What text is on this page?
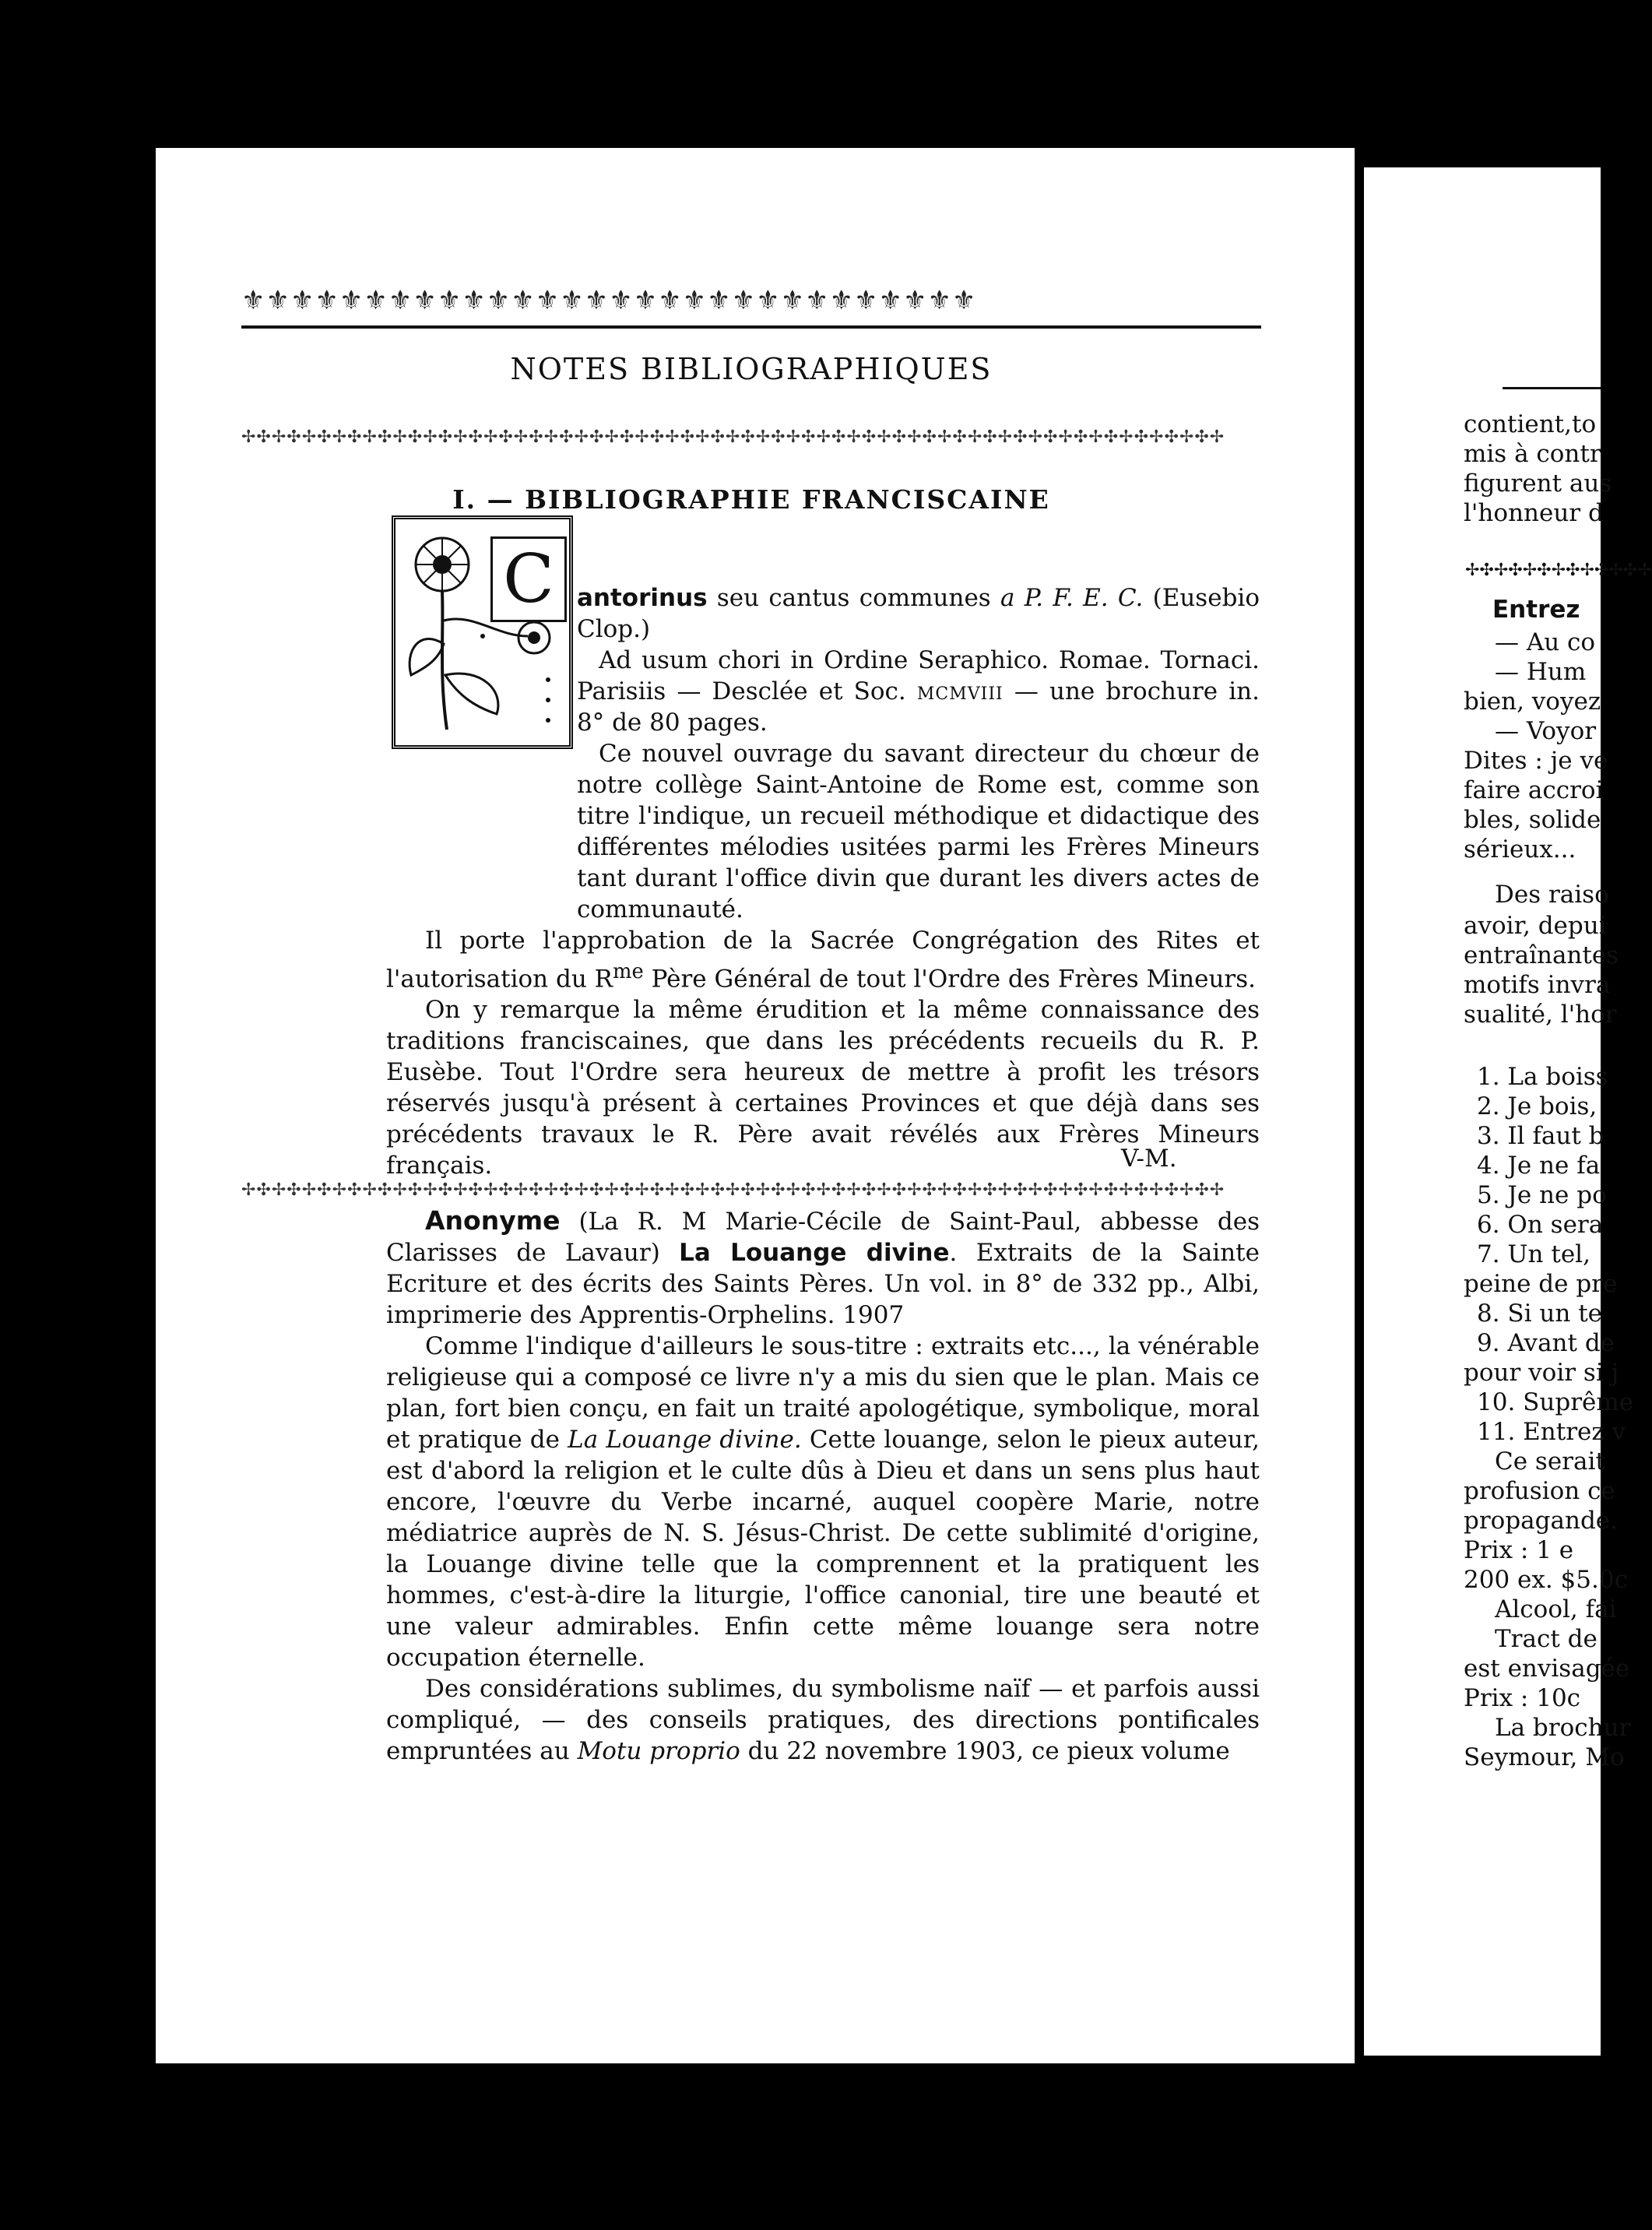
✢✣✢✣✢✣✢✣✢✣✢✣✢
contient,to
mis à contr
figurent aus
l'honneur d
Entrez
— Au co
— Hum
bien, voyez
— Voyor
Dites : je ve
faire accroi
bles, solide
sérieux...
Des raiso
avoir, depui
entraînantes
motifs invra
sualité, l'hor
1. La boiss
2. Je bois,
3. Il faut b
4. Je ne fa
5. Je ne po
6. On sera
7. Un tel,
peine de pre
8. Si un te
9. Avant de
pour voir si j
10. Suprême
11. Entrez v
Ce serait
profusion ce
propagande.
Prix : 1 e
200 ex. $5.0c
Alcool, fai
Tract de
est envisagée
Prix : 10c
La brochur
Seymour, Mo
⚜⚜⚜⚜⚜⚜⚜⚜⚜⚜⚜⚜⚜⚜⚜⚜⚜⚜⚜⚜⚜⚜⚜⚜⚜⚜⚜⚜⚜⚜
NOTES BIBLIOGRAPHIQUES
✢✣✢✣✢✣✢✣✢✣✢✣✢✣✢✣✢✣✢✣✢✣✢✣✢✣✢✣✢✣✢✣✢✣✢✣✢✣✢✣✢✣✢✣✢✣✢✣✢✣✢✣✢✣✢✣✢✣✢✣✢✣✢✣✢
I. — BIBLIOGRAPHIE FRANCISCAINE
C antorinus seu cantus communes a P. F. E. C. (Eusebio Clop.)

Ad usum chori in Ordine Seraphico. Romae. Tornaci. Parisiis — Desclée et Soc. mcmviii — une brochure in. 8° de 80 pages.

Ce nouvel ouvrage du savant directeur du chœur de notre collège Saint-Antoine de Rome est, comme son titre l'indique, un recueil méthodique et didactique des différentes mélodies usitées parmi les Frères Mineurs tant durant l'office divin que durant les divers actes de communauté.

Il porte l'approbation de la Sacrée Congrégation des Rites et l'autorisation du $R^{me}$ Père Général de tout l'Ordre des Frères Mineurs.

On y remarque la même érudition et la même connaissance des traditions franciscaines, que dans les précédents recueils du R. P. Eusèbe. Tout l'Ordre sera heureux de mettre à profit les trésors réservés jusqu'à présent à certaines Provinces et que déjà dans ses précédents travaux le R. Père avait révélés aux Frères Mineurs français.	V-M.
✢✣✢✣✢✣✢✣✢✣✢✣✢✣✢✣✢✣✢✣✢✣✢✣✢✣✢✣✢✣✢✣✢✣✢✣✢✣✢✣✢✣✢✣✢✣✢✣✢✣✢✣✢✣✢✣✢✣✢✣✢✣✢✣✢

Anonyme (La R. M Marie-Cécile de Saint-Paul, abbesse des Clarisses de Lavaur) La Louange divine. Extraits de la Sainte Ecriture et des écrits des Saints Pères. Un vol. in 8° de 332 pp., Albi, imprimerie des Apprentis-Orphelins. 1907

Comme l'indique d'ailleurs le sous-titre : extraits etc..., la vénérable religieuse qui a composé ce livre n'y a mis du sien que le plan. Mais ce plan, fort bien conçu, en fait un traité apologétique, symbolique, moral et pratique de La Louange divine. Cette louange, selon le pieux auteur, est d'abord la religion et le culte dûs à Dieu et dans un sens plus haut encore, l'œuvre du Verbe incarné, auquel coopère Marie, notre médiatrice auprès de N. S. Jésus-Christ. De cette sublimité d'origine, la Louange divine telle que la comprennent et la pratiquent les hommes, c'est-à-dire la liturgie, l'office canonial, tire une beauté et une valeur admirables. Enfin cette même louange sera notre occupation éternelle.

Des considérations sublimes, du symbolisme naïf — et parfois aussi compliqué, — des conseils pratiques, des directions pontificales empruntées au Motu proprio du 22 novembre 1903, ce pieux volume
